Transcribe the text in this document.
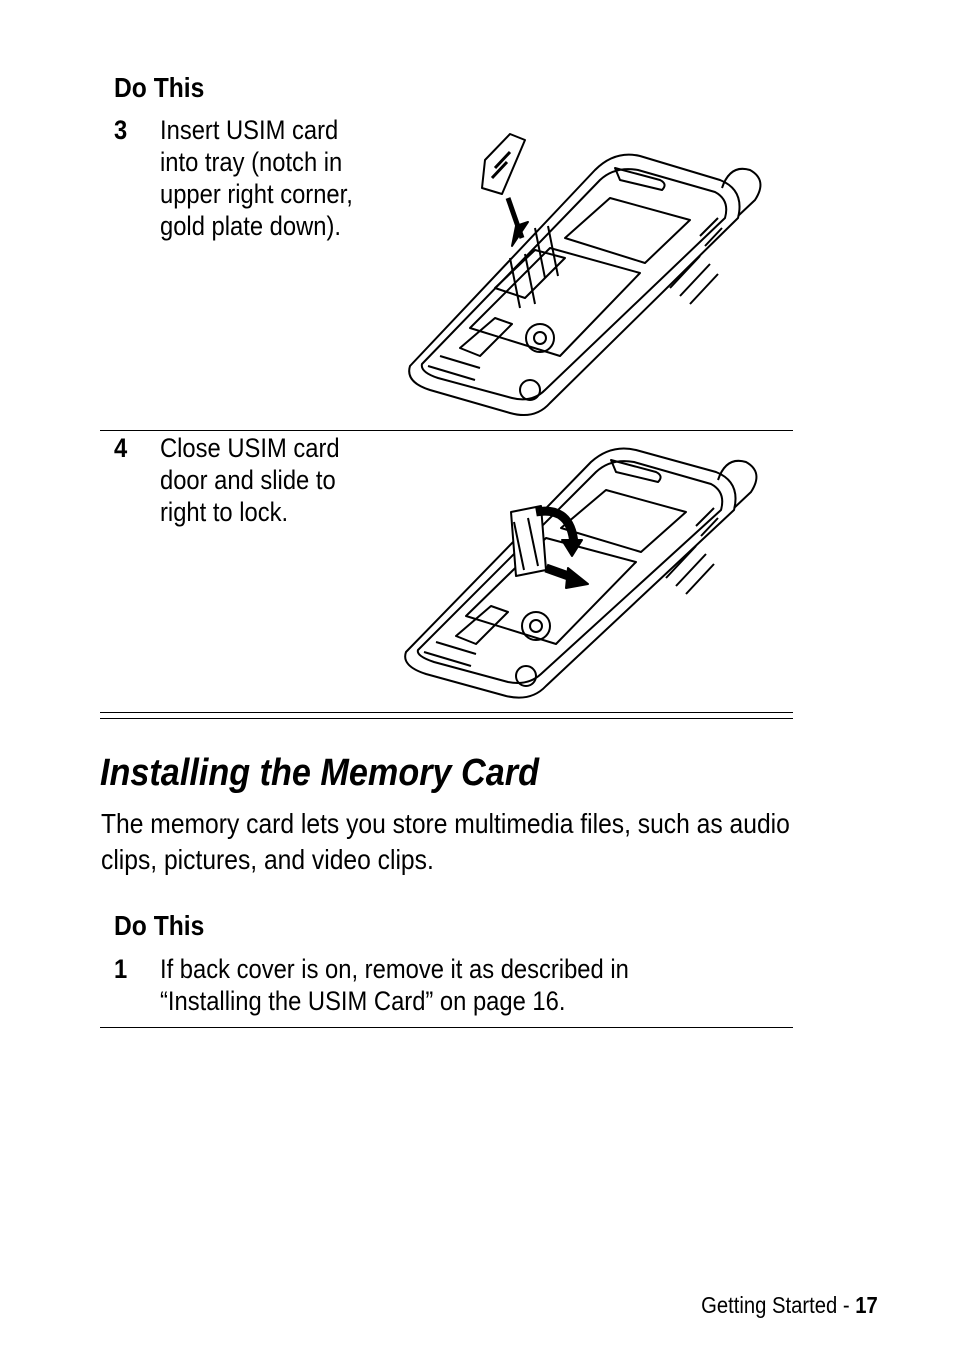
Do This
3 Insert USIM card
into tray (notch in
upper right corner,
gold plate down).
4 Close USIM card
door and slide to
right to lock.
Installing the Memory Card
The memory card lets you store multimedia files, such as audio clips, pictures, and video clips.
Do This
1 If back cover is on, remove it as described in
“Installing the USIM Card” on page 16.
Getting Started - 17
